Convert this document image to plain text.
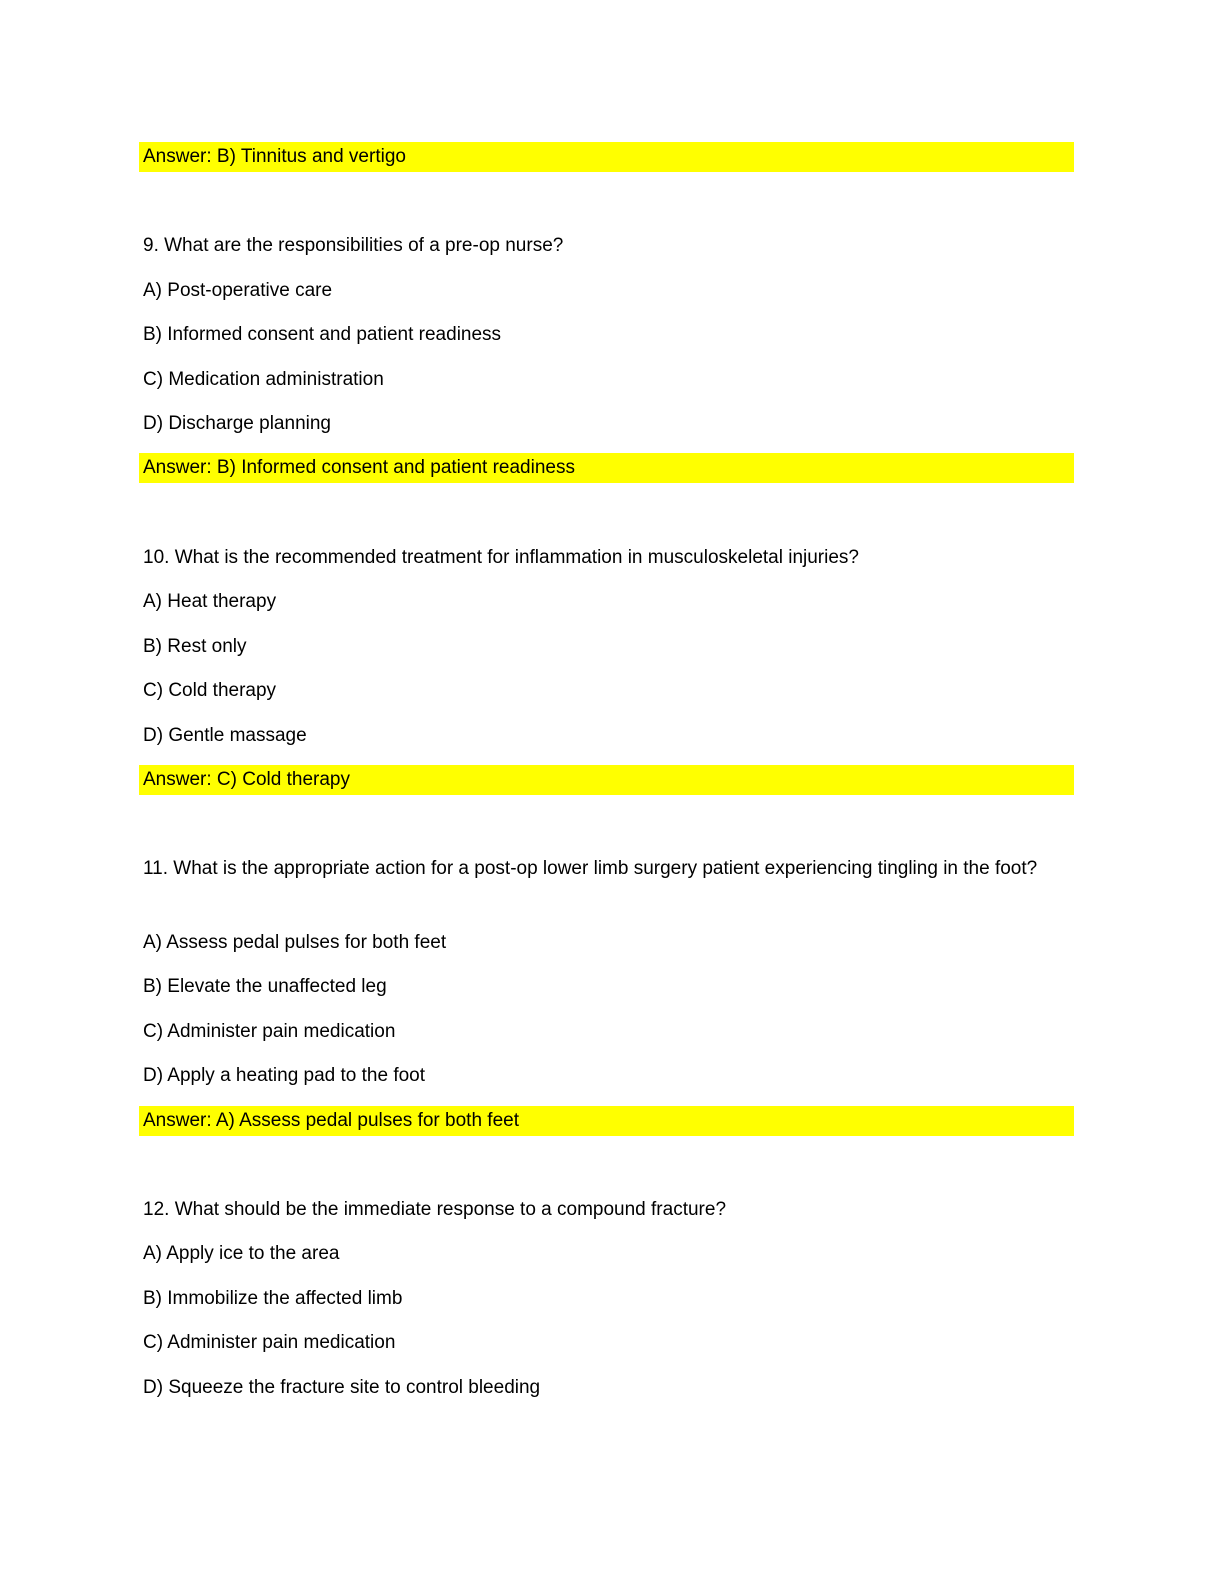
Answer: B) Tinnitus and vertigo
9. What are the responsibilities of a pre-op nurse?
A) Post-operative care
B) Informed consent and patient readiness
C) Medication administration
D) Discharge planning
Answer: B) Informed consent and patient readiness
10. What is the recommended treatment for inflammation in musculoskeletal injuries?
A) Heat therapy
B) Rest only
C) Cold therapy
D) Gentle massage
Answer: C) Cold therapy
11. What is the appropriate action for a post-op lower limb surgery patient experiencing tingling in the foot?
A) Assess pedal pulses for both feet
B) Elevate the unaffected leg
C) Administer pain medication
D) Apply a heating pad to the foot
Answer: A) Assess pedal pulses for both feet
12. What should be the immediate response to a compound fracture?
A) Apply ice to the area
B) Immobilize the affected limb
C) Administer pain medication
D) Squeeze the fracture site to control bleeding
